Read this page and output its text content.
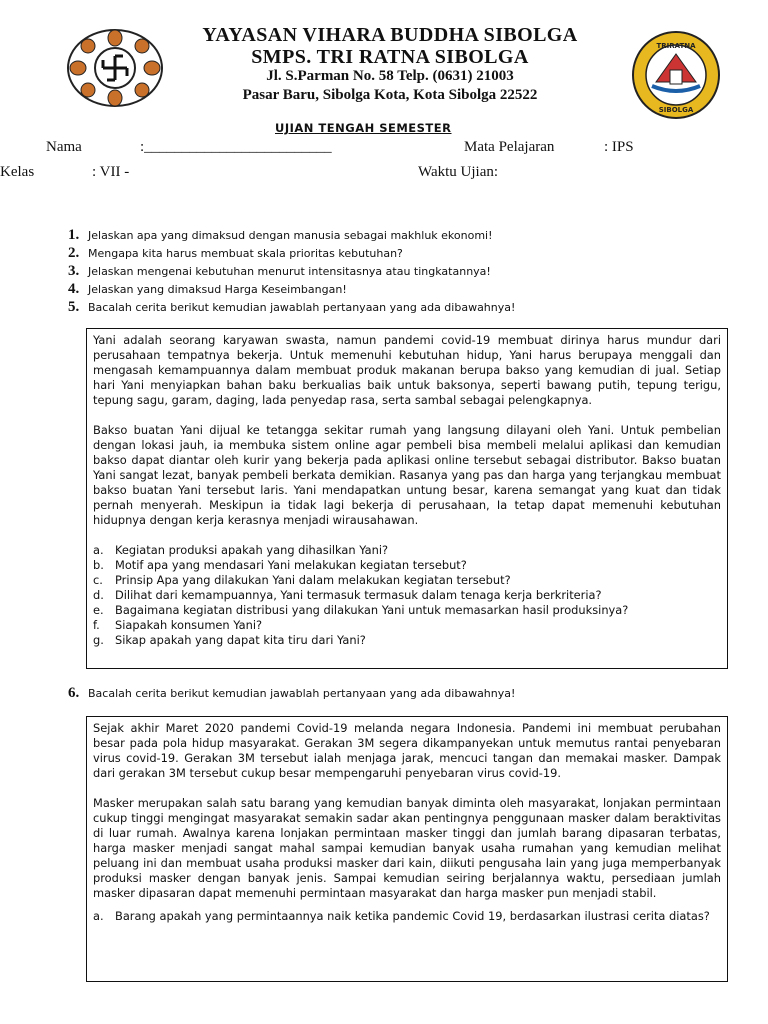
TRIRATNA
SIBOLGA
YAYASAN VIHARA BUDDHA SIBOLGA
SMPS. TRI RATNA SIBOLGA
Jl. S.Parman No. 58 Telp. (0631) 21003
Pasar Baru, Sibolga Kota, Kota Sibolga 22522
UJIAN TENGAH SEMESTER
Nama	:_________________________	Mata Pelajaran	: IPS
Kelas	: VII -	Waktu Ujian:
1. Jelaskan apa yang dimaksud dengan manusia sebagai makhluk ekonomi!
2. Mengapa kita harus membuat skala prioritas kebutuhan?
3. Jelaskan mengenai kebutuhan menurut intensitasnya atau tingkatannya!
4. Jelaskan yang dimaksud Harga Keseimbangan!
5. Bacalah cerita berikut kemudian jawablah pertanyaan yang ada dibawahnya!

Yani adalah seorang karyawan swasta, namun pandemi covid-19 membuat dirinya harus mundur dari perusahaan tempatnya bekerja. Untuk memenuhi kebutuhan hidup, Yani harus berupaya menggali dan mengasah kemampuannya dalam membuat produk makanan berupa bakso yang kemudian di jual. Setiap hari Yani menyiapkan bahan baku berkualias baik untuk baksonya, seperti bawang putih, tepung terigu, tepung sagu, garam, daging, lada penyedap rasa, serta sambal sebagai pelengkapnya.

Bakso buatan Yani dijual ke tetangga sekitar rumah yang langsung dilayani oleh Yani. Untuk pembelian dengan lokasi jauh, ia membuka sistem online agar pembeli bisa membeli melalui aplikasi dan kemudian bakso dapat diantar oleh kurir yang bekerja pada aplikasi online tersebut sebagai distributor. Bakso buatan Yani sangat lezat, banyak pembeli berkata demikian. Rasanya yang pas dan harga yang terjangkau membuat bakso buatan Yani tersebut laris. Yani mendapatkan untung besar, karena semangat yang kuat dan tidak pernah menyerah. Meskipun ia tidak lagi bekerja di perusahaan, Ia tetap dapat memenuhi kebutuhan hidupnya dengan kerja kerasnya menjadi wirausahawan.

a. Kegiatan produksi apakah yang dihasilkan Yani?
b. Motif apa yang mendasari Yani melakukan kegiatan tersebut?
c.	Prinsip Apa yang dilakukan Yani dalam melakukan kegiatan tersebut?
d. Dilihat dari kemampuannya, Yani termasuk termasuk dalam tenaga kerja berkriteria?
e. Bagaimana kegiatan distribusi yang dilakukan Yani untuk memasarkan hasil produksinya?
f.	Siapakah konsumen Yani?
g. Sikap apakah yang dapat kita tiru dari Yani?
6. Bacalah cerita berikut kemudian jawablah pertanyaan yang ada dibawahnya!

Sejak akhir Maret 2020 pandemi Covid-19 melanda negara Indonesia. Pandemi ini membuat perubahan besar pada pola hidup masyarakat. Gerakan 3M segera dikampanyekan untuk memutus rantai penyebaran virus covid-19. Gerakan 3M tersebut ialah menjaga jarak, mencuci tangan dan memakai masker. Dampak dari gerakan 3M tersebut cukup besar mempengaruhi penyebaran virus covid-19.

Masker merupakan salah satu barang yang kemudian banyak diminta oleh masyarakat, lonjakan permintaan cukup tinggi mengingat masyarakat semakin sadar akan pentingnya penggunaan masker dalam beraktivitas di luar rumah. Awalnya karena lonjakan permintaan masker tinggi dan jumlah barang dipasaran terbatas, harga masker menjadi sangat mahal sampai kemudian banyak usaha rumahan yang kemudian melihat peluang ini dan membuat usaha produksi masker dari kain, diikuti pengusaha lain yang juga memperbanyak produksi masker dengan banyak jenis. Sampai kemudian seiring berjalannya waktu, persediaan jumlah masker dipasaran dapat memenuhi permintaan masyarakat dan harga masker pun menjadi stabil.

a. Barang apakah yang permintaannya naik ketika pandemic Covid 19, berdasarkan ilustrasi cerita diatas?
